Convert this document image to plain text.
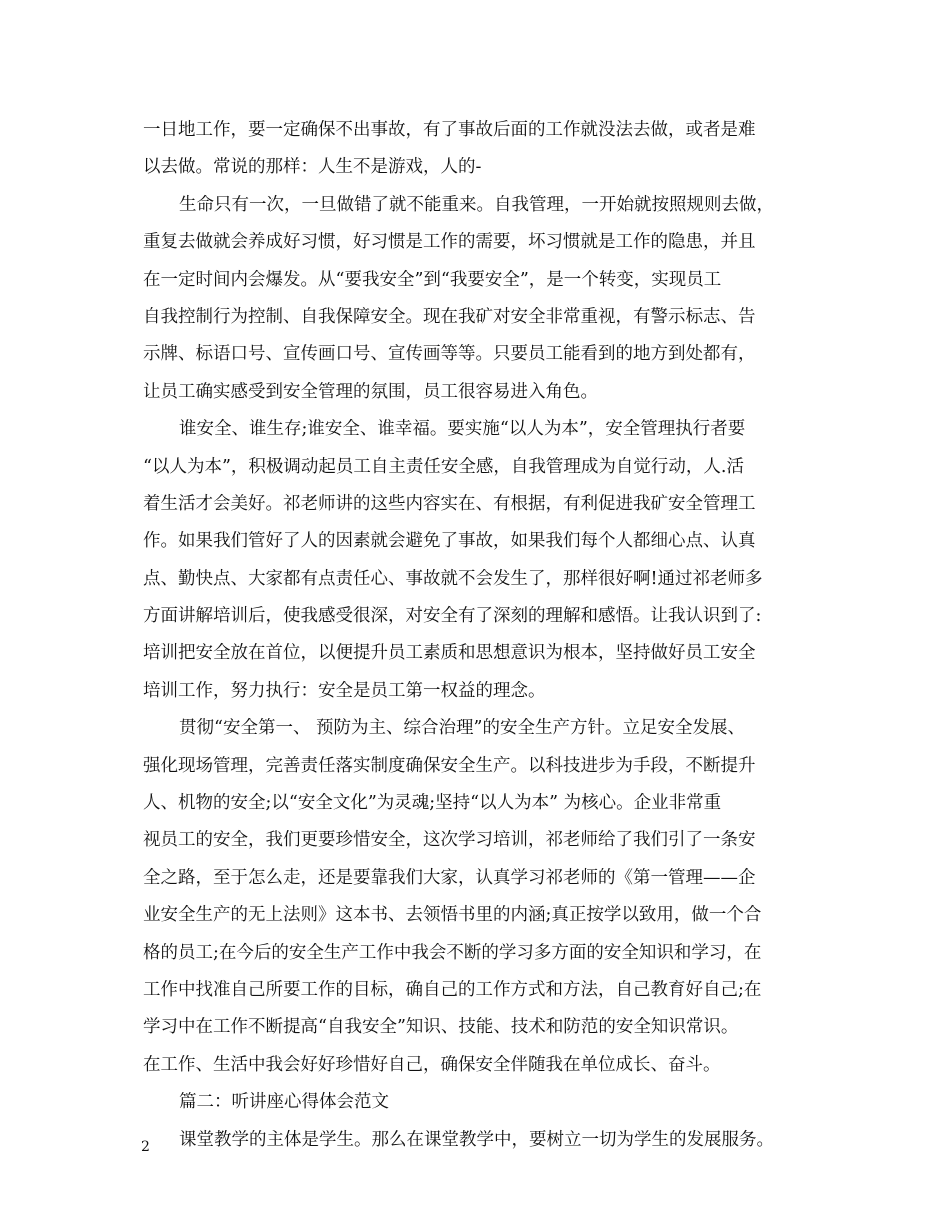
一日地工作，要一定确保不出事故，有了事故后面的工作就没法去做，或者是难
以去做。常说的那样：人生不是游戏，人的-
生命只有一次，一旦做错了就不能重来。自我管理，一开始就按照规则去做，
重复去做就会养成好习惯，好习惯是工作的需要，坏习惯就是工作的隐患，并且
在一定时间内会爆发。从“要我安全”到“我要安全”，是一个转变，实现员工
自我控制行为控制、自我保障安全。现在我矿对安全非常重视，有警示标志、告
示牌、标语口号、宣传画口号、宣传画等等。只要员工能看到的地方到处都有，
让员工确实感受到安全管理的氛围，员工很容易进入角色。
谁安全、谁生存;谁安全、谁幸福。要实施“以人为本”，安全管理执行者要
“以人为本”，积极调动起员工自主责任安全感，自我管理成为自觉行动，人.活
着生活才会美好。祁老师讲的这些内容实在、有根据，有利促进我矿安全管理工
作。如果我们管好了人的因素就会避免了事故，如果我们每个人都细心点、认真
点、勤快点、大家都有点责任心、事故就不会发生了，那样很好啊!通过祁老师多
方面讲解培训后，使我感受很深，对安全有了深刻的理解和感悟。让我认识到了:
培训把安全放在首位，以便提升员工素质和思想意识为根本，坚持做好员工安全
培训工作，努力执行：安全是员工第一权益的理念。
贯彻“安全第一、 预防为主、综合治理”的安全生产方针。立足安全发展、
强化现场管理，完善责任落实制度确保安全生产。以科技进步为手段，不断提升
人、机物的安全;以“安全文化”为灵魂;坚持“以人为本” 为核心。企业非常重
视员工的安全，我们更要珍惜安全，这次学习培训，祁老师给了我们引了一条安
全之路，至于怎么走，还是要靠我们大家，认真学习祁老师的《第一管理——企
业安全生产的无上法则》这本书、去领悟书里的内涵;真正按学以致用，做一个合
格的员工;在今后的安全生产工作中我会不断的学习多方面的安全知识和学习，在
工作中找准自己所要工作的目标，确自己的工作方式和方法，自己教育好自己;在
学习中在工作不断提高“自我安全”知识、技能、技术和防范的安全知识常识。
在工作、生活中我会好好珍惜好自己，确保安全伴随我在单位成长、奋斗。
篇二：听讲座心得体会范文
课堂教学的主体是学生。那么在课堂教学中，要树立一切为学生的发展服务。
2
